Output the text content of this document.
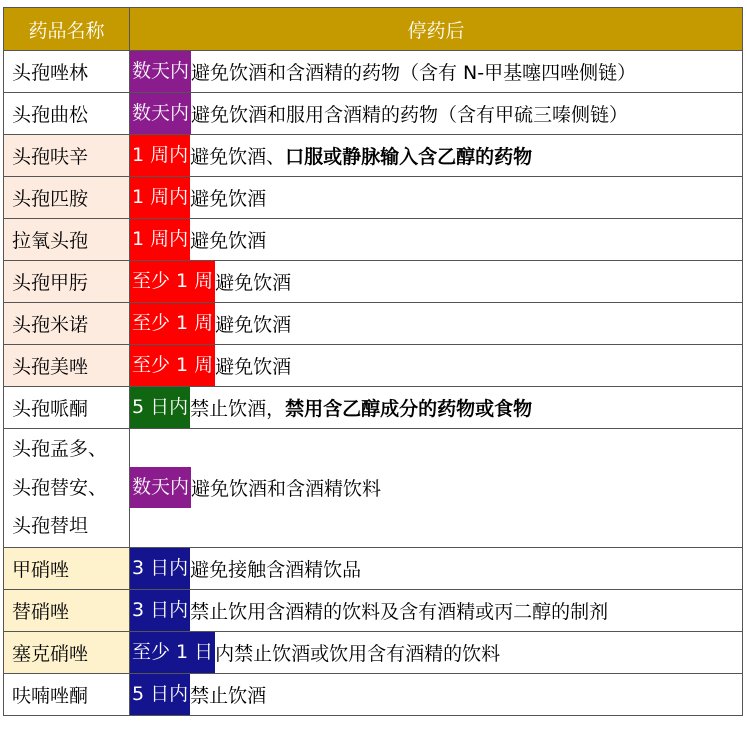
药品名称	停药后
头孢唑林	数天内 避免饮酒和含酒精的药物（含有 N-甲基噻四唑侧链）
头孢曲松	数天内 避免饮酒和服用含酒精的药物（含有甲硫三嗪侧链）
头孢呋辛	1 周内 避免饮酒、口服或静脉输入含乙醇的药物
头孢匹胺	1 周内 避免饮酒
拉氧头孢	1 周内 避免饮酒
头孢甲肟	至少 1 周 避免饮酒
头孢米诺	至少 1 周 避免饮酒
头孢美唑	至少 1 周 避免饮酒
头孢哌酮	5 日内 禁止饮酒，禁用含乙醇成分的药物或食物

头孢孟多、
头孢替安、
头孢替坦	数天内 避免饮酒和含酒精饮料
甲硝唑	3 日内 避免接触含酒精饮品
替硝唑	3 日内 禁止饮用含酒精的饮料及含有酒精或丙二醇的制剂
塞克硝唑	至少 1 日 内禁止饮酒或饮用含有酒精的饮料
呋喃唑酮	5 日内 禁止饮酒
